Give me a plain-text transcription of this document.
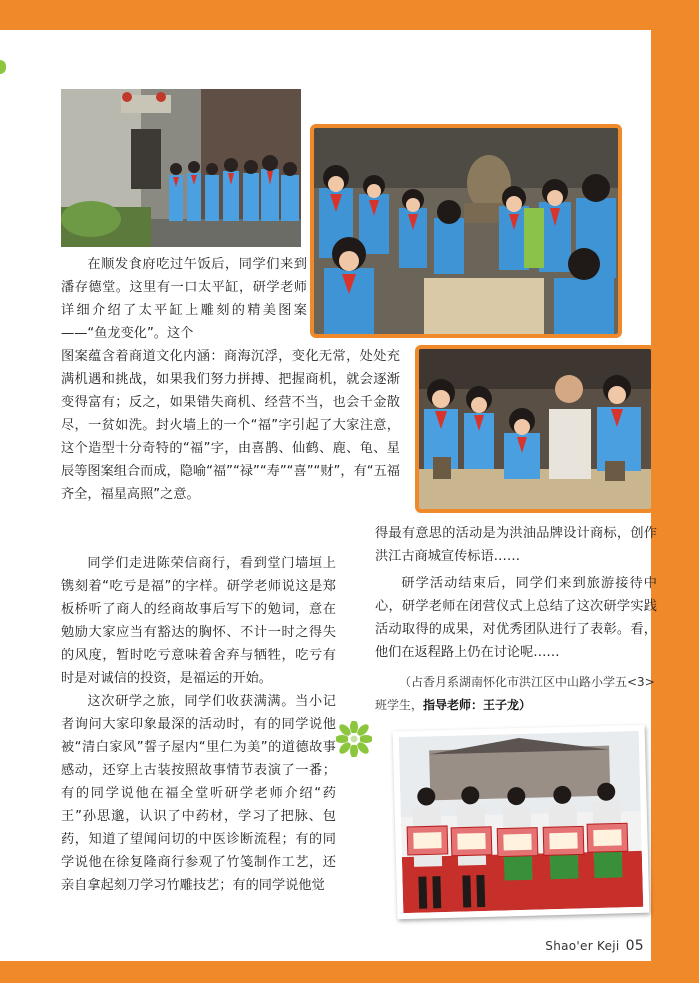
在顺发食府吃过午饭后，同学们来到潘存德堂。这里有一口太平缸，研学老师详细介绍了太平缸上雕刻的精美图案——“鱼龙变化”。这个

图案蕴含着商道文化内涵：商海沉浮，变化无常，处处充满机遇和挑战，如果我们努力拼搏、把握商机，就会逐渐变得富有；反之，如果错失商机、经营不当，也会千金散尽，一贫如洗。封火墙上的一个“福”字引起了大家注意，这个造型十分奇特的“福”字，由喜鹊、仙鹤、鹿、龟、星辰等图案组合而成，隐喻“福”“禄”“寿”“喜”“财”，有“五福齐全，福星高照”之意。

同学们走进陈荣信商行，看到堂门墙垣上镌刻着“吃亏是福”的字样。研学老师说这是郑板桥听了商人的经商故事后写下的勉词，意在勉励大家应当有豁达的胸怀、不计一时之得失的风度，暂时吃亏意味着舍弃与牺牲，吃亏有时是对诚信的投资，是福运的开始。

这次研学之旅，同学们收获满满。当小记者询问大家印象最深的活动时，有的同学说他被“清白家风”誓子屋内“里仁为美”的道德故事感动，还穿上古装按照故事情节表演了一番；有的同学说他在福全堂听研学老师介绍“药王”孙思邈，认识了中药材，学习了把脉、包药，知道了望闻问切的中医诊断流程；有的同学说他在徐复隆商行参观了竹笺制作工艺，还亲自拿起刻刀学习竹雕技艺；有的同学说他觉

得最有意思的活动是为洪油品牌设计商标，创作洪江古商城宣传标语……

研学活动结束后，同学们来到旅游接待中心，研学老师在闭营仪式上总结了这次研学实践活动取得的成果，对优秀团队进行了表彰。看，他们在返程路上仍在讨论呢……

（占香月系湖南怀化市洪江区中山路小学五<3>班学生，指导老师：王子龙）

Shao'er Keji 05
